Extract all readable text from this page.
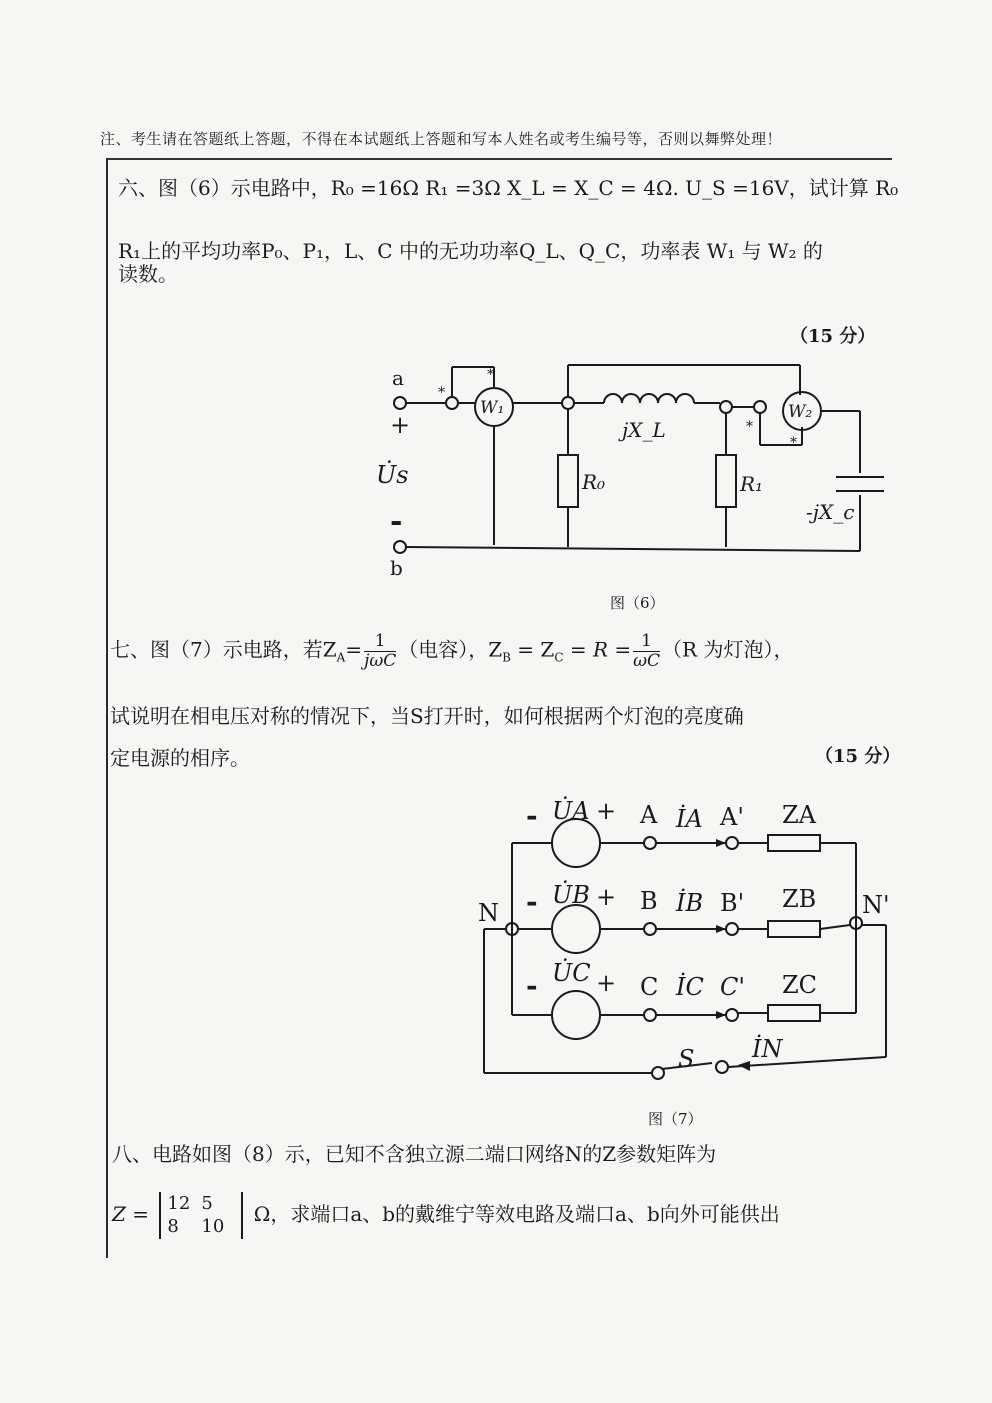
注、考生请在答题纸上答题，不得在本试题纸上答题和写本人姓名或考生编号等，否则以舞弊处理！
六、图（6）示电路中，R₀ =16Ω R₁ =3Ω X_L = X_C = 4Ω. U_S =16V，试计算 R₀
R₁上的平均功率P₀、P₁，L、C 中的无功功率Q_L、Q_C，功率表 W₁ 与 W₂ 的
读数。
（15 分）
a
+
U̇s
-
b
*
*
W₁	W₂
*
*
jX_L
R₀	R₁
-jX_c
图（6）
七、图（7）示电路，若$Z_A= \frac{1}{\text{jωC}}$ （电容），$Z_B = Z_C = R = \frac{1}{\omega C} (R$ 为灯泡），
试说明在相电压对称的情况下，当S打开时，如何根据两个灯泡的亮度确
定电源的相序。	（15 分）
- U̇A + A İA A' ZA
- U̇B + B İB B' ZB
- U̇C + C İC C' ZC
N	N'
S İN
图（7）
八、电路如图（8）示，已知不含独立源二端口网络N的Z参数矩阵为
Z = 12 5
8 10 Ω，求端口a、b的戴维宁等效电路及端口a、b向外可能供出
